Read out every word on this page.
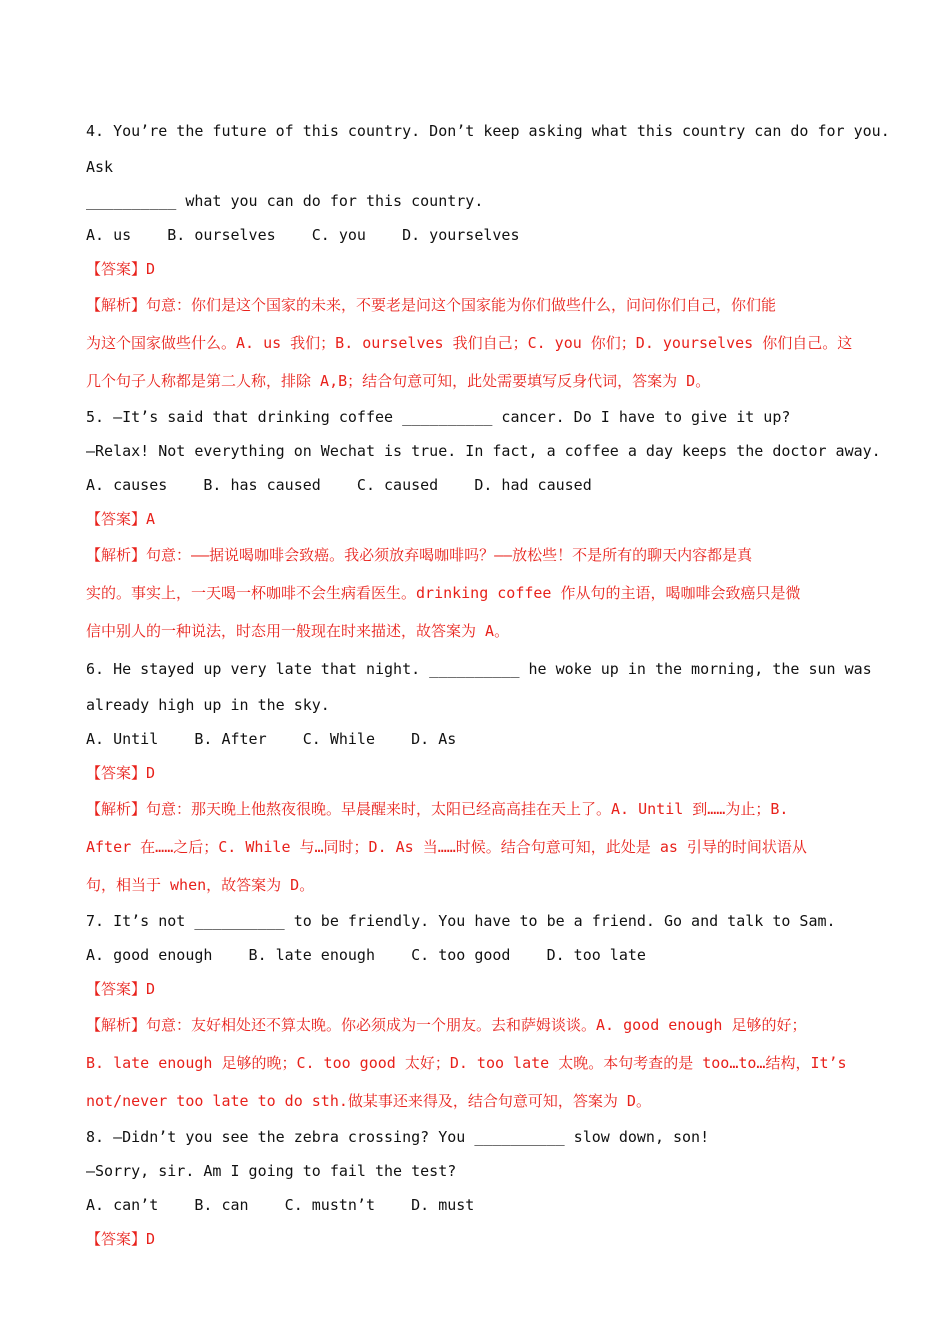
4. You’re the future of this country. Don’t keep asking what this country can do for you.
Ask
__________ what you can do for this country.
A. us    B. ourselves    C. you    D. yourselves
【答案】D
【解析】句意：你们是这个国家的未来，不要老是问这个国家能为你们做些什么，问问你们自己，你们能
为这个国家做些什么。A. us 我们；B. ourselves 我们自己；C. you 你们；D. yourselves 你们自己。这
几个句子人称都是第二人称，排除 A,B；结合句意可知，此处需要填写反身代词，答案为 D。
5. —It’s said that drinking coffee __________ cancer. Do I have to give it up?
—Relax! Not everything on Wechat is true. In fact, a coffee a day keeps the doctor away.
A. causes    B. has caused    C. caused    D. had caused
【答案】A
【解析】句意：——据说喝咖啡会致癌。我必须放弃喝咖啡吗？——放松些！不是所有的聊天内容都是真
实的。事实上，一天喝一杯咖啡不会生病看医生。drinking coffee 作从句的主语，喝咖啡会致癌只是微
信中别人的一种说法，时态用一般现在时来描述，故答案为 A。
6. He stayed up very late that night. __________ he woke up in the morning, the sun was
already high up in the sky.
A. Until    B. After    C. While    D. As
【答案】D
【解析】句意：那天晚上他熬夜很晚。早晨醒来时，太阳已经高高挂在天上了。A. Until 到……为止；B.
After 在……之后；C. While 与…同时；D. As 当……时候。结合句意可知，此处是 as 引导的时间状语从
句，相当于 when，故答案为 D。
7. It’s not __________ to be friendly. You have to be a friend. Go and talk to Sam.
A. good enough    B. late enough    C. too good    D. too late
【答案】D
【解析】句意：友好相处还不算太晚。你必须成为一个朋友。去和萨姆谈谈。A. good enough 足够的好；
B. late enough 足够的晚；C. too good 太好；D. too late 太晚。本句考查的是 too…to…结构，It’s
not/never too late to do sth.做某事还来得及，结合句意可知，答案为 D。
8. —Didn’t you see the zebra crossing? You __________ slow down, son!
—Sorry, sir. Am I going to fail the test?
A. can’t    B. can    C. mustn’t    D. must
【答案】D
